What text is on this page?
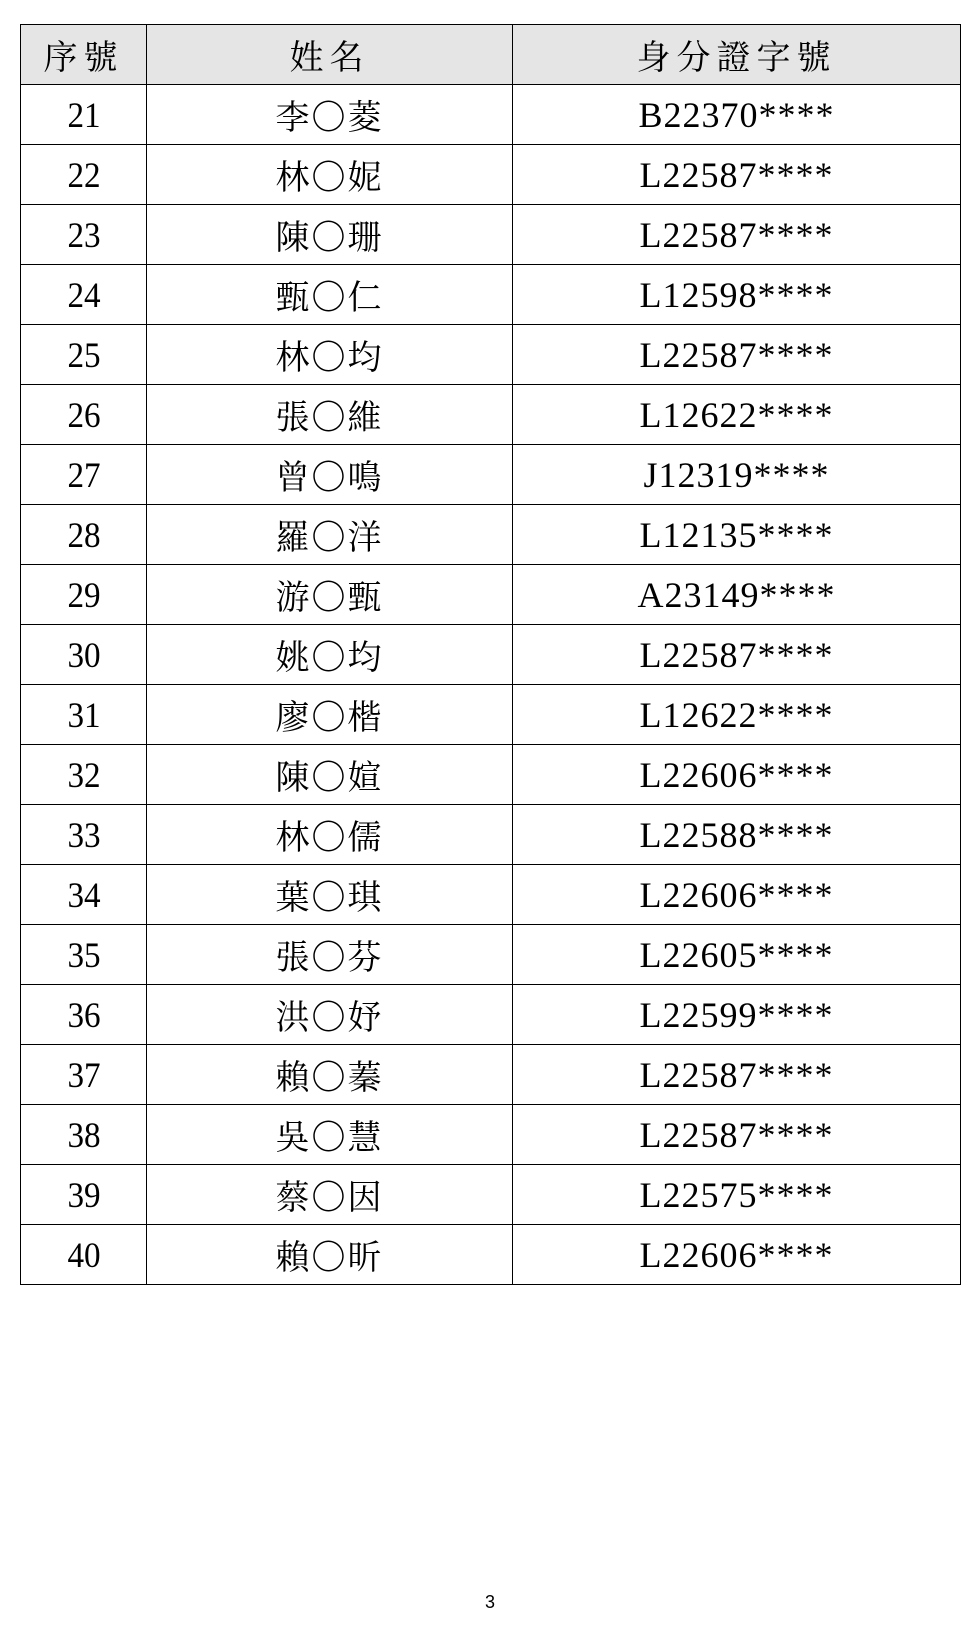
序號	姓名	身分證字號
21	李〇菱	B22370****
22	林〇妮	L22587****
23	陳〇珊	L22587****
24	甄〇仁	L12598****
25	林〇均	L22587****
26	張〇維	L12622****
27	曾〇鳴	J12319****
28	羅〇洋	L12135****
29	游〇甄	A23149****
30	姚〇均	L22587****
31	廖〇楷	L12622****
32	陳〇媗	L22606****
33	林〇儒	L22588****
34	葉〇琪	L22606****
35	張〇芬	L22605****
36	洪〇妤	L22599****
37	賴〇蓁	L22587****
38	吳〇慧	L22587****
39	蔡〇因	L22575****
40	賴〇昕	L22606****
3
